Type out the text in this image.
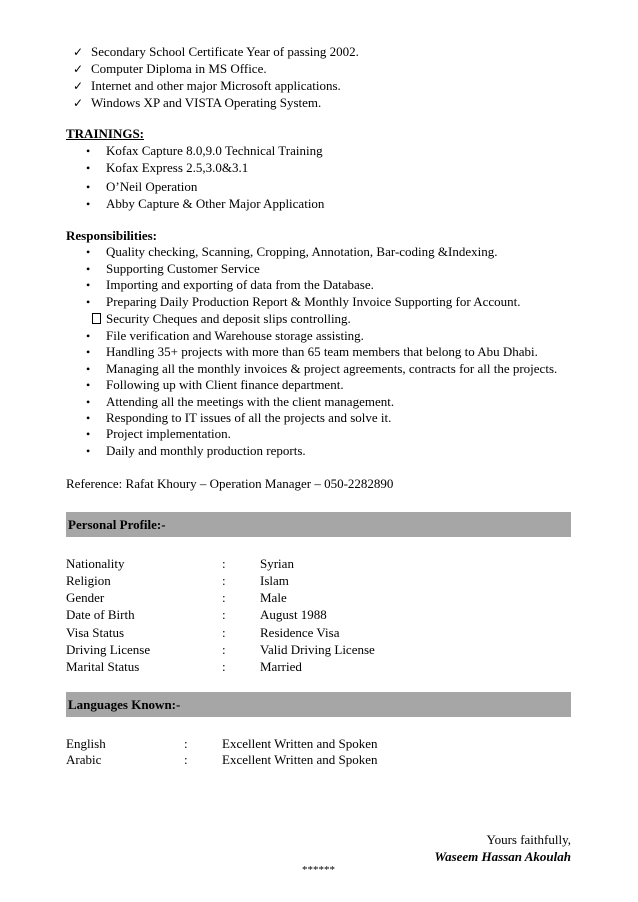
✓ Secondary School Certificate Year of passing 2002.
✓ Computer Diploma in MS Office.
✓ Internet and other major Microsoft applications.
✓ Windows XP and VISTA Operating System.
TRAININGS:
• Kofax Capture 8.0,9.0 Technical Training
• Kofax Express 2.5,3.0&3.1
• O’Neil Operation
• Abby Capture & Other Major Application
Responsibilities:
• Quality checking, Scanning, Cropping, Annotation, Bar-coding &Indexing.
• Supporting Customer Service
• Importing and exporting of data from the Database.
• Preparing Daily Production Report & Monthly Invoice Supporting for Account.
Security Cheques and deposit slips controlling.
• File verification and Warehouse storage assisting.
• Handling 35+ projects with more than 65 team members that belong to Abu Dhabi.
• Managing all the monthly invoices & project agreements, contracts for all the projects.
• Following up with Client finance department.
• Attending all the meetings with the client management.
• Responding to IT issues of all the projects and solve it.
• Project implementation.
• Daily and monthly production reports.
Reference: Rafat Khoury – Operation Manager – 050-2282890
Personal Profile:-
Nationality	:	Syrian
Religion	:	Islam
Gender	:	Male
Date of Birth	:	August 1988
Visa Status	:	Residence Visa
Driving License	:	Valid Driving License
Marital Status	:	Married
Languages Known:-
English	:	Excellent Written and Spoken
Arabic	:	Excellent Written and Spoken
Yours faithfully,
Waseem Hassan Akoulah
******
